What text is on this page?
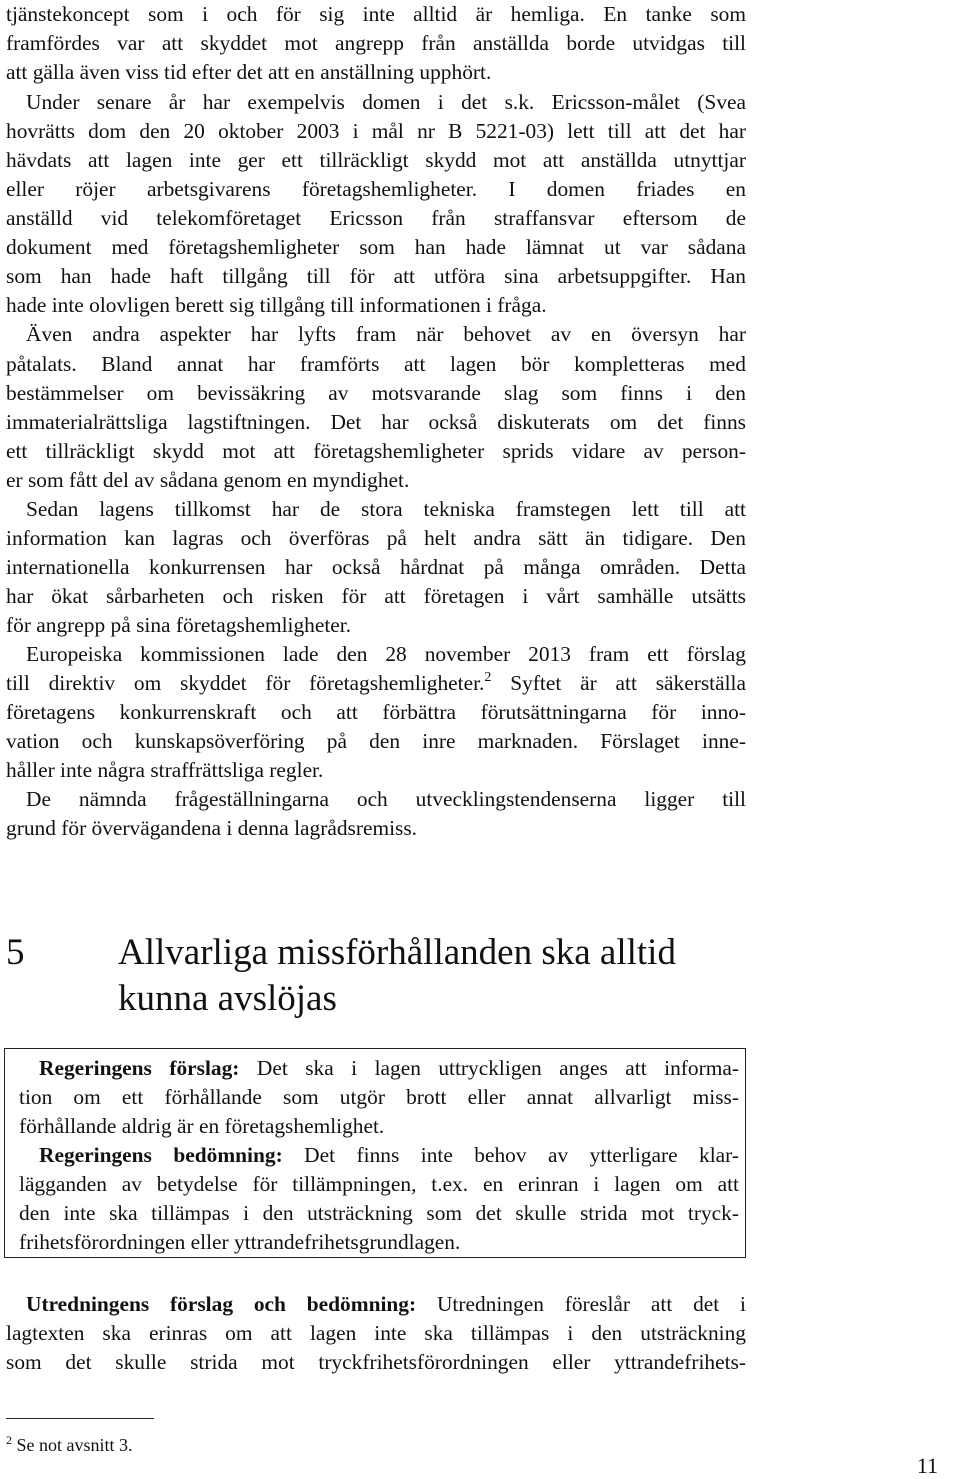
tjänstekoncept som i och för sig inte alltid är hemliga. En tanke som
framfördes var att skyddet mot angrepp från anställda borde utvidgas till
att gälla även viss tid efter det att en anställning upphört.
Under senare år har exempelvis domen i det s.k. Ericsson-målet (Svea
hovrätts dom den 20 oktober 2003 i mål nr B 5221-03) lett till att det har
hävdats att lagen inte ger ett tillräckligt skydd mot att anställda utnyttjar
eller röjer arbetsgivarens företagshemligheter. I domen friades en
anställd vid telekomföretaget Ericsson från straffansvar eftersom de
dokument med företagshemligheter som han hade lämnat ut var sådana
som han hade haft tillgång till för att utföra sina arbetsuppgifter. Han
hade inte olovligen berett sig tillgång till informationen i fråga.
Även andra aspekter har lyfts fram när behovet av en översyn har
påtalats. Bland annat har framförts att lagen bör kompletteras med
bestämmelser om bevissäkring av motsvarande slag som finns i den
immaterialrättsliga lagstiftningen. Det har också diskuterats om det finns
ett tillräckligt skydd mot att företagshemligheter sprids vidare av person-
er som fått del av sådana genom en myndighet.
Sedan lagens tillkomst har de stora tekniska framstegen lett till att
information kan lagras och överföras på helt andra sätt än tidigare. Den
internationella konkurrensen har också hårdnat på många områden. Detta
har ökat sårbarheten och risken för att företagen i vårt samhälle utsätts
för angrepp på sina företagshemligheter.
Europeiska kommissionen lade den 28 november 2013 fram ett förslag
till direktiv om skyddet för företagshemligheter.$^2$ Syftet är att säkerställa
företagens konkurrenskraft och att förbättra förutsättningarna för inno-
vation och kunskapsöverföring på den inre marknaden. Förslaget inne-
håller inte några straffrättsliga regler.
De nämnda frågeställningarna och utvecklingstendenserna ligger till
grund för övervägandena i denna lagrådsremiss.
5	Allvarliga missförhållanden ska alltid
kunna avslöjas
Regeringens förslag: Det ska i lagen uttryckligen anges att informa-
tion om ett förhållande som utgör brott eller annat allvarligt miss-
förhållande aldrig är en företagshemlighet.
Regeringens bedömning: Det finns inte behov av ytterligare klar-
lägganden av betydelse för tillämpningen, t.ex. en erinran i lagen om att
den inte ska tillämpas i den utsträckning som det skulle strida mot tryck-
frihetsförordningen eller yttrandefrihetsgrundlagen.
Utredningens förslag och bedömning: Utredningen föreslår att det i
lagtexten ska erinras om att lagen inte ska tillämpas i den utsträckning
som det skulle strida mot tryckfrihetsförordningen eller yttrandefrihets-
$^2$ Se not avsnitt 3.
11
